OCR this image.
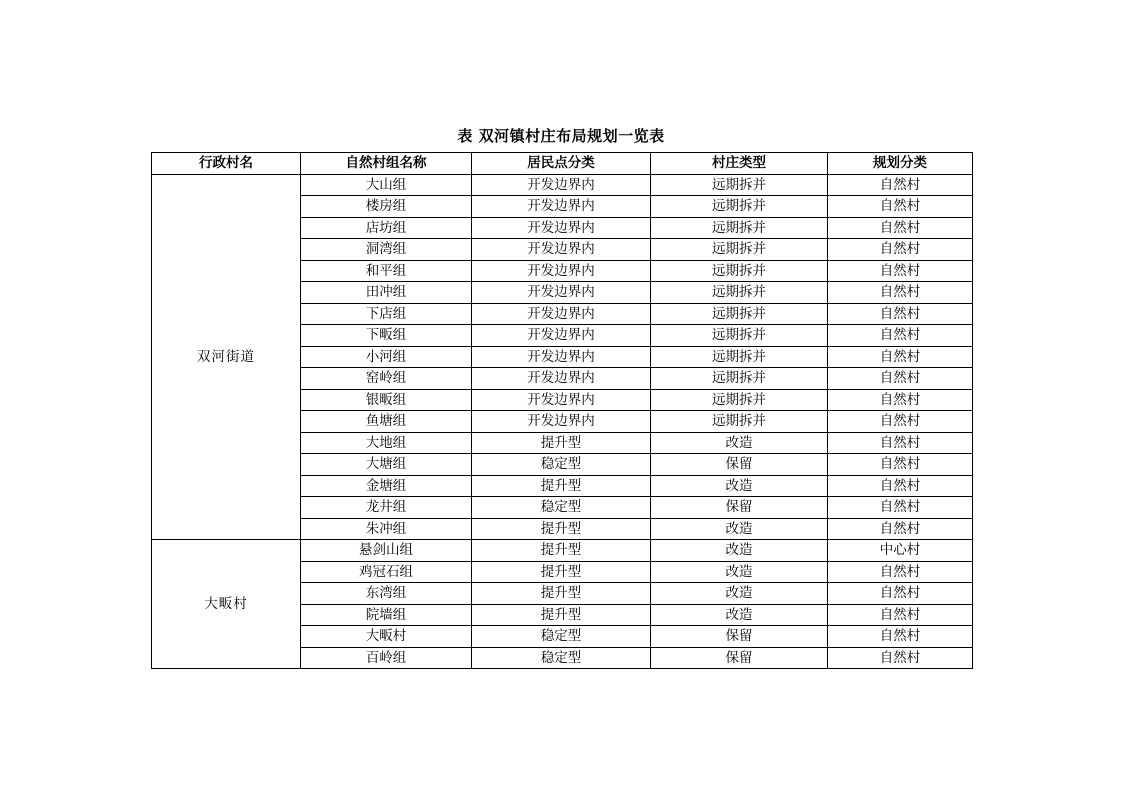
表 双河镇村庄布局规划一览表
行政村名	自然村组名称	居民点分类	村庄类型	规划分类
双河街道	大山组	开发边界内	远期拆并	自然村
	楼房组	开发边界内	远期拆并	自然村
	店坊组	开发边界内	远期拆并	自然村
	洞湾组	开发边界内	远期拆并	自然村
	和平组	开发边界内	远期拆并	自然村
	田冲组	开发边界内	远期拆并	自然村
	下店组	开发边界内	远期拆并	自然村
	下畈组	开发边界内	远期拆并	自然村
	小河组	开发边界内	远期拆并	自然村
	窑岭组	开发边界内	远期拆并	自然村
	银畈组	开发边界内	远期拆并	自然村
	鱼塘组	开发边界内	远期拆并	自然村
	大地组	提升型	改造	自然村
	大塘组	稳定型	保留	自然村
	金塘组	提升型	改造	自然村
	龙井组	稳定型	保留	自然村
	朱冲组	提升型	改造	自然村
大畈村	悬剑山组	提升型	改造	中心村
	鸡冠石组	提升型	改造	自然村
	东湾组	提升型	改造	自然村
	院墙组	提升型	改造	自然村
	大畈村	稳定型	保留	自然村
	百岭组	稳定型	保留	自然村
